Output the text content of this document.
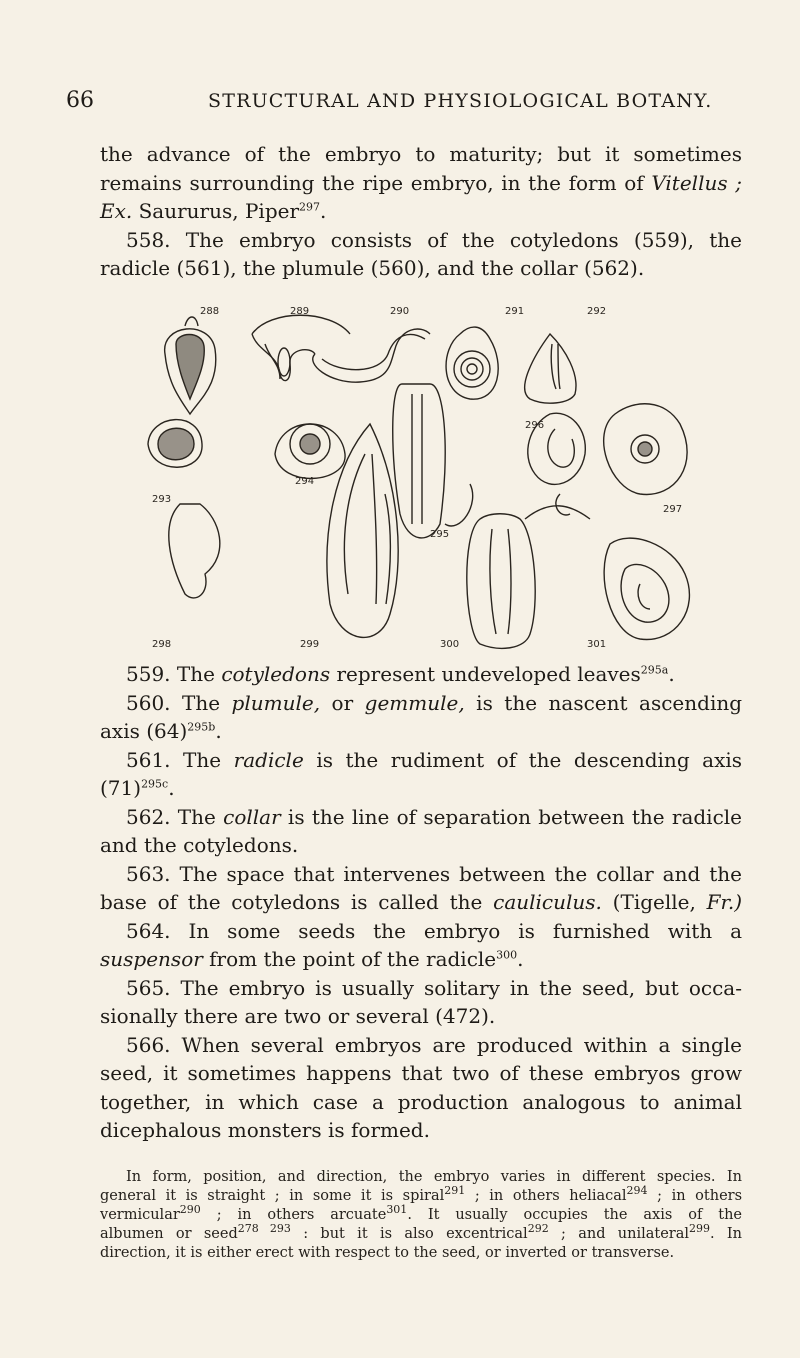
66	STRUCTURAL AND PHYSIOLOGICAL BOTANY.
the advance of the embryo to maturity; but it sometimes
remains surrounding the ripe embryo, in the form of Vitellus ;
Ex. Saururus, Piper$^{297}$.
558. The embryo consists of the cotyledons (559), the
radicle (561), the plumule (560), and the collar (562).
288	289	290	291	292
293
294
295
296
297
298	299	300	301
559. The cotyledons represent undeveloped leaves$^{295a}$.
560. The plumule, or gemmule, is the nascent ascending
axis $(64)^{295b}$.
561. The radicle is the rudiment of the descending axis
$(71)^{295c}$.
562. The collar is the line of separation between the radicle
and the cotyledons.
563. The space that intervenes between the collar and the
base of the cotyledons is called the cauliculus. (Tigelle, Fr.)
564. In some seeds the embryo is furnished with a
suspensor from the point of the radicle$^{300}$.
565. The embryo is usually solitary in the seed, but occa-
sionally there are two or several (472).
566. When several embryos are produced within a single
seed, it sometimes happens that two of these embryos grow
together, in which case a production analogous to animal
dicephalous monsters is formed.
In form, position, and direction, the embryo varies in different species. In
general it is straight ; in some it is spiral$^{291}$ ; in others heliacal$^{294}$ ; in others
vermicular$^{290}$ ; in others arcuate$^{301}$. It usually occupies the axis of the
albumen or seed$^{278 293}$ : but it is also excentrical$^{292}$ ; and unilateral$^{299}$. In
direction, it is either erect with respect to the seed, or inverted or transverse.
